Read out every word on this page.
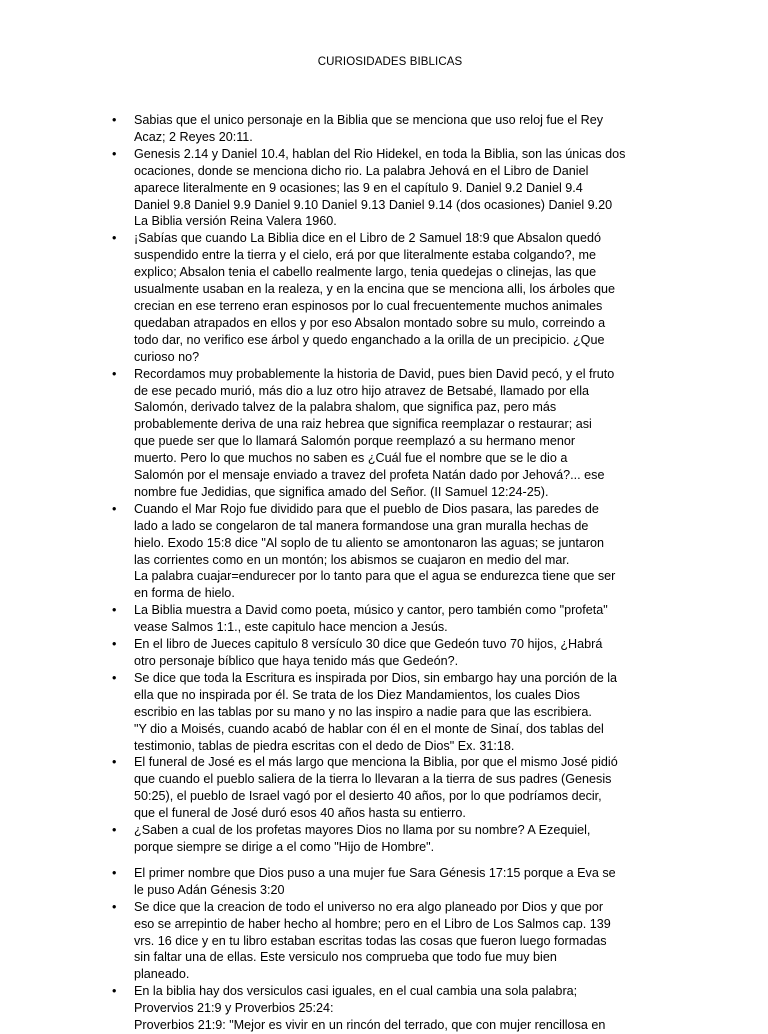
CURIOSIDADES BIBLICAS
• Sabias que el unico personaje en la Biblia que se menciona que uso reloj fue el Rey
Acaz; 2 Reyes 20:11.
• Genesis 2.14 y Daniel 10.4, hablan del Rio Hidekel, en toda la Biblia, son las únicas dos
ocaciones, donde se menciona dicho rio. La palabra Jehová en el Libro de Daniel
aparece literalmente en 9 ocasiones; las 9 en el capítulo 9. Daniel 9.2 Daniel 9.4
Daniel 9.8 Daniel 9.9 Daniel 9.10 Daniel 9.13 Daniel 9.14 (dos ocasiones) Daniel 9.20
La Biblia versión Reina Valera 1960.
• ¡Sabías que cuando La Biblia dice en el Libro de 2 Samuel 18:9 que Absalon quedó
suspendido entre la tierra y el cielo, erá por que literalmente estaba colgando?, me
explico; Absalon tenia el cabello realmente largo, tenia quedejas o clinejas, las que
usualmente usaban en la realeza, y en la encina que se menciona alli, los árboles que
crecian en ese terreno eran espinosos por lo cual frecuentemente muchos animales
quedaban atrapados en ellos y por eso Absalon montado sobre su mulo, correindo a
todo dar, no verifico ese árbol y quedo enganchado a la orilla de un precipicio. ¿Que
curioso no?
• Recordamos muy probablemente la historia de David, pues bien David pecó, y el fruto
de ese pecado murió, más dio a luz otro hijo atravez de Betsabé, llamado por ella
Salomón, derivado talvez de la palabra shalom, que significa paz, pero más
probablemente deriva de una raiz hebrea que significa reemplazar o restaurar; asi
que puede ser que lo llamará Salomón porque reemplazó a su hermano menor
muerto. Pero lo que muchos no saben es ¿Cuál fue el nombre que se le dio a
Salomón por el mensaje enviado a travez del profeta Natán dado por Jehová?... ese
nombre fue Jedidias, que significa amado del Señor. (II Samuel 12:24-25).
• Cuando el Mar Rojo fue dividido para que el pueblo de Dios pasara, las paredes de
lado a lado se congelaron de tal manera formandose una gran muralla hechas de
hielo. Exodo 15:8 dice "Al soplo de tu aliento se amontonaron las aguas; se juntaron
las corrientes como en un montón; los abismos se cuajaron en medio del mar.
La palabra cuajar=endurecer por lo tanto para que el agua se endurezca tiene que ser
en forma de hielo.
• La Biblia muestra a David como poeta, músico y cantor, pero también como "profeta"
vease Salmos 1:1., este capitulo hace mencion a Jesús.
• En el libro de Jueces capitulo 8 versículo 30 dice que Gedeón tuvo 70 hijos, ¿Habrá
otro personaje bíblico que haya tenido más que Gedeón?.
• Se dice que toda la Escritura es inspirada por Dios, sin embargo hay una porción de la
ella que no inspirada por él. Se trata de los Diez Mandamientos, los cuales Dios
escribio en las tablas por su mano y no las inspiro a nadie para que las escribiera.
"Y dio a Moisés, cuando acabó de hablar con él en el monte de Sinaí, dos tablas del
testimonio, tablas de piedra escritas con el dedo de Dios" Ex. 31:18.
• El funeral de José es el más largo que menciona la Biblia, por que el mismo José pidió
que cuando el pueblo saliera de la tierra lo llevaran a la tierra de sus padres (Genesis
50:25), el pueblo de Israel vagó por el desierto 40 años, por lo que podríamos decir,
que el funeral de José duró esos 40 años hasta su entierro.
• ¿Saben a cual de los profetas mayores Dios no llama por su nombre? A Ezequiel,
porque siempre se dirige a el como "Hijo de Hombre".
• El primer nombre que Dios puso a una mujer fue Sara Génesis 17:15 porque a Eva se
le puso Adán Génesis 3:20
• Se dice que la creacion de todo el universo no era algo planeado por Dios y que por
eso se arrepintio de haber hecho al hombre; pero en el Libro de Los Salmos cap. 139
vrs. 16 dice y en tu libro estaban escritas todas las cosas que fueron luego formadas
sin faltar una de ellas. Este versiculo nos comprueba que todo fue muy bien
planeado.
• En la biblia hay dos versiculos casi iguales, en el cual cambia una sola palabra;
Provervios 21:9 y Proverbios 25:24:
Proverbios 21:9: "Mejor es vivir en un rincón del terrado, que con mujer rencillosa en
